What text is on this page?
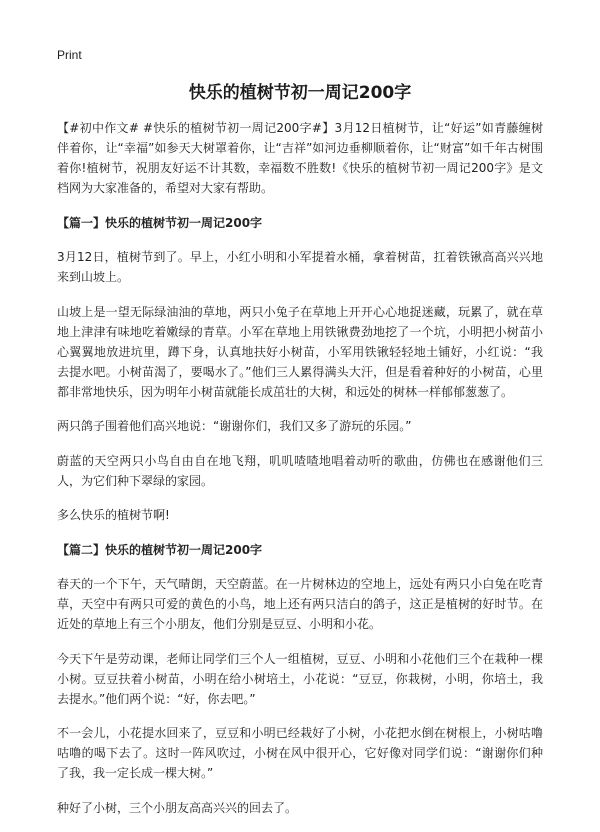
Print
快乐的植树节初一周记200字

【#初中作文# #快乐的植树节初一周记200字#】3月12日植树节，让“好运”如青藤缠树伴着你，让“幸福”如参天大树罩着你，让“吉祥”如河边垂柳顺着你，让“财富”如千年古树围着你!植树节，祝朋友好运不计其数，幸福数不胜数!《快乐的植树节初一周记200字》是文档网为大家准备的，希望对大家有帮助。

【篇一】快乐的植树节初一周记200字

3月12日，植树节到了。早上，小红小明和小军提着水桶，拿着树苗，扛着铁锹高高兴兴地来到山坡上。

山坡上是一望无际绿油油的草地，两只小兔子在草地上开开心心地捉迷藏，玩累了，就在草地上津津有味地吃着嫩绿的青草。小军在草地上用铁锹费劲地挖了一个坑，小明把小树苗小心翼翼地放进坑里，蹲下身，认真地扶好小树苗，小军用铁锹轻轻地土铺好，小红说：“我去提水吧。小树苗渴了，要喝水了。”他们三人累得满头大汗，但是看着种好的小树苗，心里都非常地快乐，因为明年小树苗就能长成茁壮的大树，和远处的树林一样郁郁葱葱了。

两只鸽子围着他们高兴地说：“谢谢你们，我们又多了游玩的乐园。”

蔚蓝的天空两只小鸟自由自在地飞翔，叽叽喳喳地唱着动听的歌曲，仿佛也在感谢他们三人，为它们种下翠绿的家园。

多么快乐的植树节啊!

【篇二】快乐的植树节初一周记200字

春天的一个下午，天气晴朗，天空蔚蓝。在一片树林边的空地上，远处有两只小白兔在吃青草，天空中有两只可爱的黄色的小鸟，地上还有两只洁白的鸽子，这正是植树的好时节。在近处的草地上有三个小朋友，他们分别是豆豆、小明和小花。

今天下午是劳动课，老师让同学们三个人一组植树，豆豆、小明和小花他们三个在栽种一棵小树。豆豆扶着小树苗，小明在给小树培土，小花说：“豆豆，你栽树，小明，你培土，我去提水。”他们两个说：“好，你去吧。”

不一会儿，小花提水回来了，豆豆和小明已经栽好了小树，小花把水倒在树根上，小树咕噜咕噜的喝下去了。这时一阵风吹过，小树在风中很开心，它好像对同学们说：“谢谢你们种了我，我一定长成一棵大树。”

种好了小树，三个小朋友高高兴兴的回去了。
